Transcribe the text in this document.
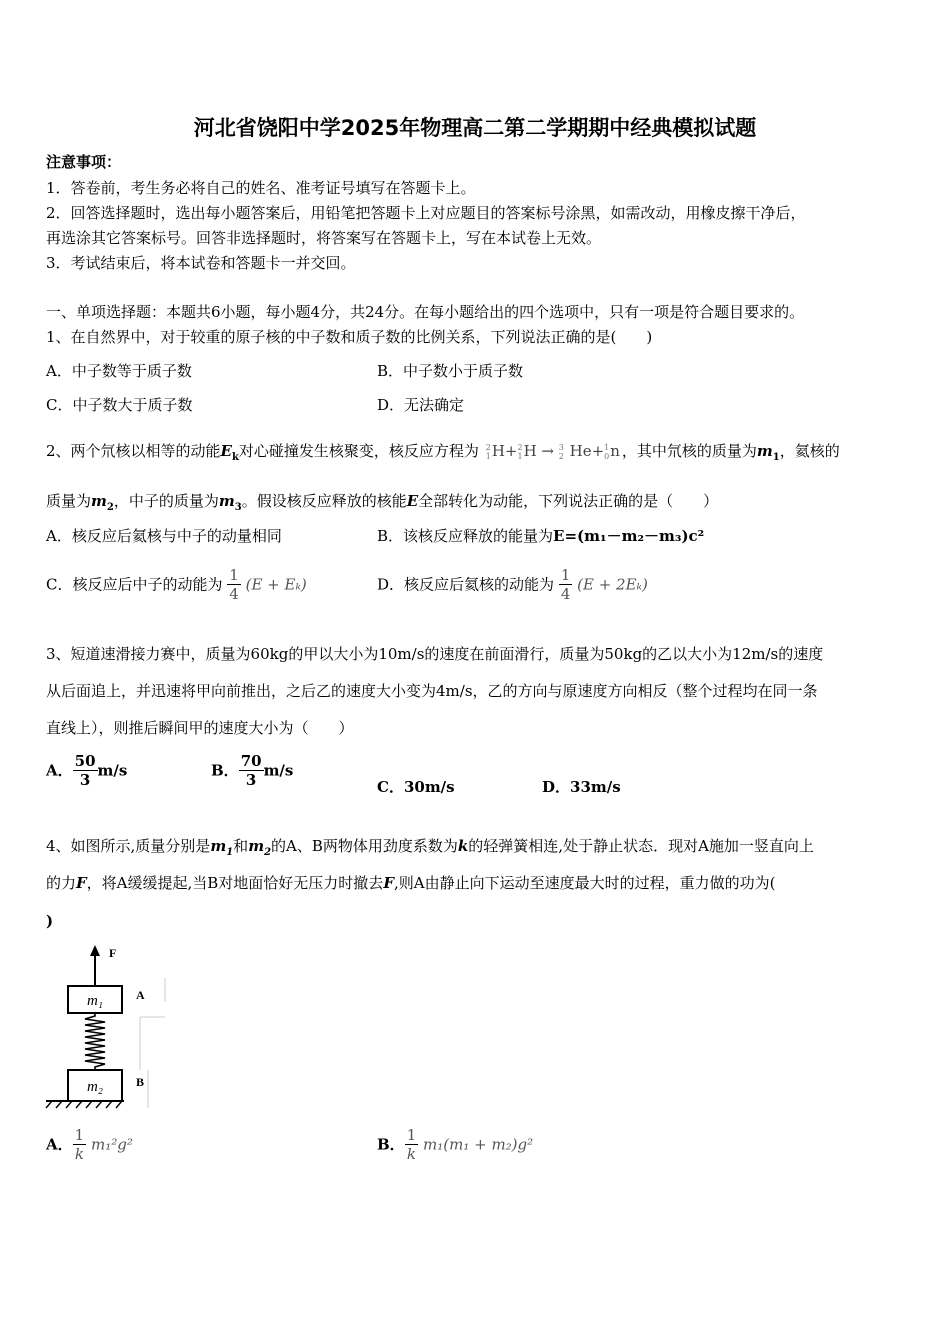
河北省饶阳中学2025年物理高二第二学期期中经典模拟试题
注意事项：
1．答卷前，考生务必将自己的姓名、准考证号填写在答题卡上。
2．回答选择题时，选出每小题答案后，用铅笔把答题卡上对应题目的答案标号涂黑，如需改动，用橡皮擦干净后，
再选涂其它答案标号。回答非选择题时，将答案写在答题卡上，写在本试卷上无效。
3．考试结束后，将本试卷和答题卡一并交回。
一、单项选择题：本题共6小题，每小题4分，共24分。在每小题给出的四个选项中，只有一项是符合题目要求的。
1、在自然界中，对于较重的原子核的中子数和质子数的比例关系，下列说法正确的是(　　)
A．中子数等于质子数	B．中子数小于质子数
C．中子数大于质子数	D．无法确定
2、两个氘核以相等的动能$E_k$对心碰撞发生核聚变，核反应方程为 2
1 H+ 2
1 H → 3
2 He+ 1
0 n，其中氘核的质量为$m_1$，氦核的
质量为$m_2$，中子的质量为$m_3$。假设核反应释放的核能E全部转化为动能，下列说法正确的是（　　）
A．核反应后氦核与中子的动量相同	B．该核反应释放的能量为E=(m₁－m₂－m₃)c²
C．核反应后中子的动能为 $\frac{1}{4} (E + E_k)$	D．核反应后氦核的动能为 $\frac{1}{4} (E + 2E_k)$
3、短道速滑接力赛中，质量为60kg的甲以大小为10m/s的速度在前面滑行，质量为50kg的乙以大小为12m/s的速度
从后面追上，并迅速将甲向前推出，之后乙的速度大小变为4m/s，乙的方向与原速度方向相反（整个过程均在同一条
直线上），则推后瞬间甲的速度大小为（　　）
A． $\frac{50}{3} m/s$	B． $\frac{70}{3} m/s$
C．30m/s	D．33m/s
4、如图所示,质量分别是$m_1$和$m_2$的A、B两物体用劲度系数为k的轻弹簧相连,处于静止状态．现对A施加一竖直向上
的力F，将A缓缓提起,当B对地面恰好无压力时撤去F,则A由静止向下运动至速度最大时的过程，重力做的功为(
)
F
m₁	A
m₂	B
A． $\frac{1}{k} m_1^2g^2$	B． $\frac{1}{k} m_1(m_1 + m_2)g^2$
